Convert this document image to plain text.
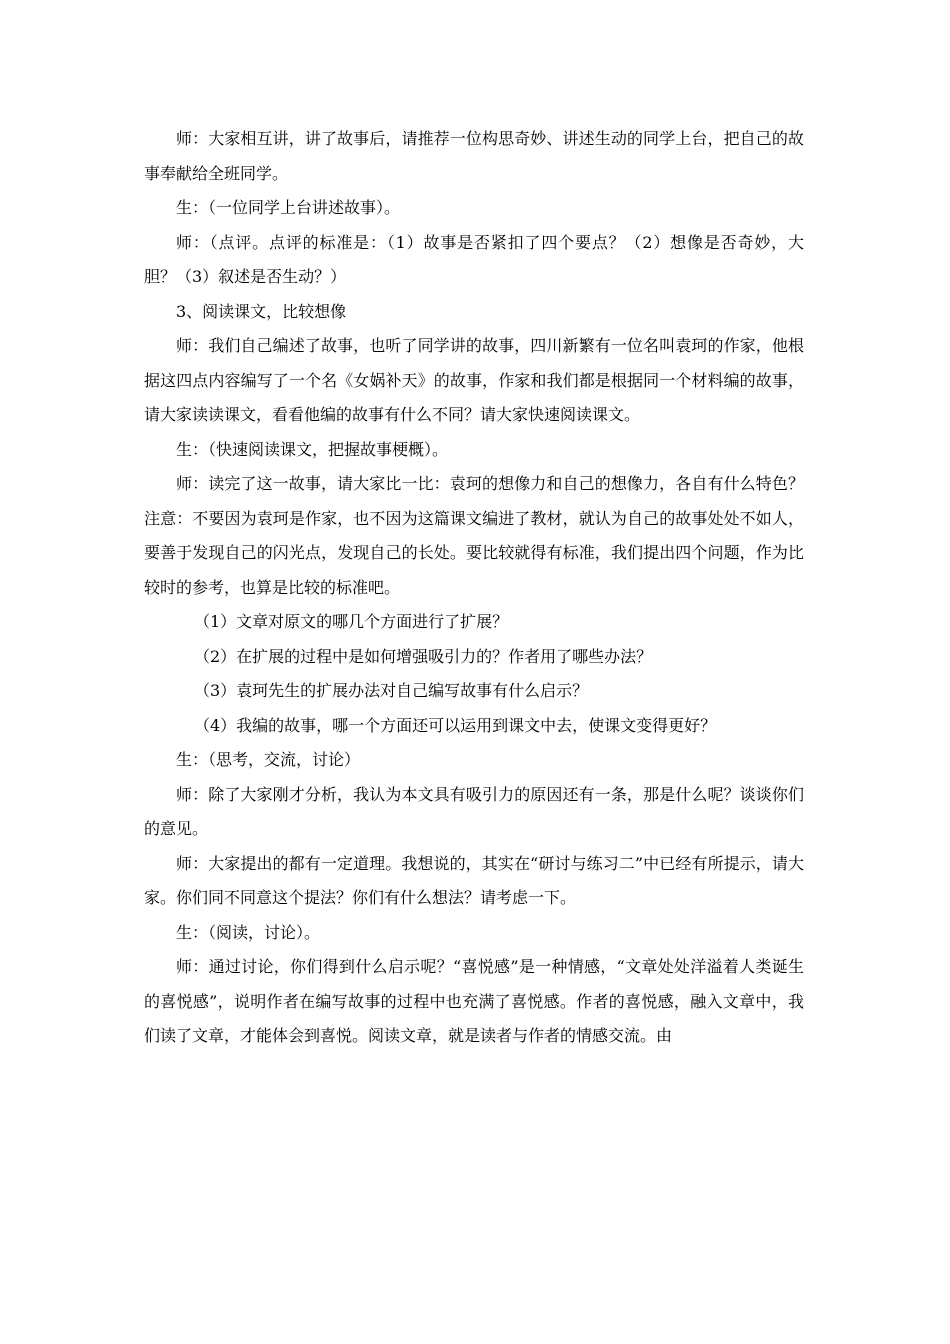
师：大家相互讲，讲了故事后，请推荐一位构思奇妙、讲述生动的同学上台，把自己的故事奉献给全班同学。

生：（一位同学上台讲述故事）。

师：（点评。点评的标准是：（1）故事是否紧扣了四个要点？（2）想像是否奇妙，大胆？（3）叙述是否生动？）

3、阅读课文，比较想像

师：我们自己编述了故事，也听了同学讲的故事，四川新繁有一位名叫袁珂的作家，他根据这四点内容编写了一个名《女娲补天》的故事，作家和我们都是根据同一个材料编的故事，请大家读读课文，看看他编的故事有什么不同？请大家快速阅读课文。

生：（快速阅读课文，把握故事梗概）。

师：读完了这一故事，请大家比一比：袁珂的想像力和自己的想像力，各自有什么特色？注意：不要因为袁珂是作家，也不因为这篇课文编进了教材，就认为自己的故事处处不如人，要善于发现自己的闪光点，发现自己的长处。要比较就得有标准，我们提出四个问题，作为比较时的参考，也算是比较的标准吧。

（1）文章对原文的哪几个方面进行了扩展？

（2）在扩展的过程中是如何增强吸引力的？作者用了哪些办法？

（3）袁珂先生的扩展办法对自己编写故事有什么启示？

（4）我编的故事，哪一个方面还可以运用到课文中去，使课文变得更好？

生：（思考，交流，讨论）

师：除了大家刚才分析，我认为本文具有吸引力的原因还有一条，那是什么呢？谈谈你们的意见。

师：大家提出的都有一定道理。我想说的，其实在“研讨与练习二”中已经有所提示，请大家。你们同不同意这个提法？你们有什么想法？请考虑一下。

生：（阅读，讨论）。

师：通过讨论，你们得到什么启示呢？“喜悦感”是一种情感，“文章处处洋溢着人类诞生的喜悦感”，说明作者在编写故事的过程中也充满了喜悦感。作者的喜悦感，融入文章中，我们读了文章，才能体会到喜悦。阅读文章，就是读者与作者的情感交流。由
